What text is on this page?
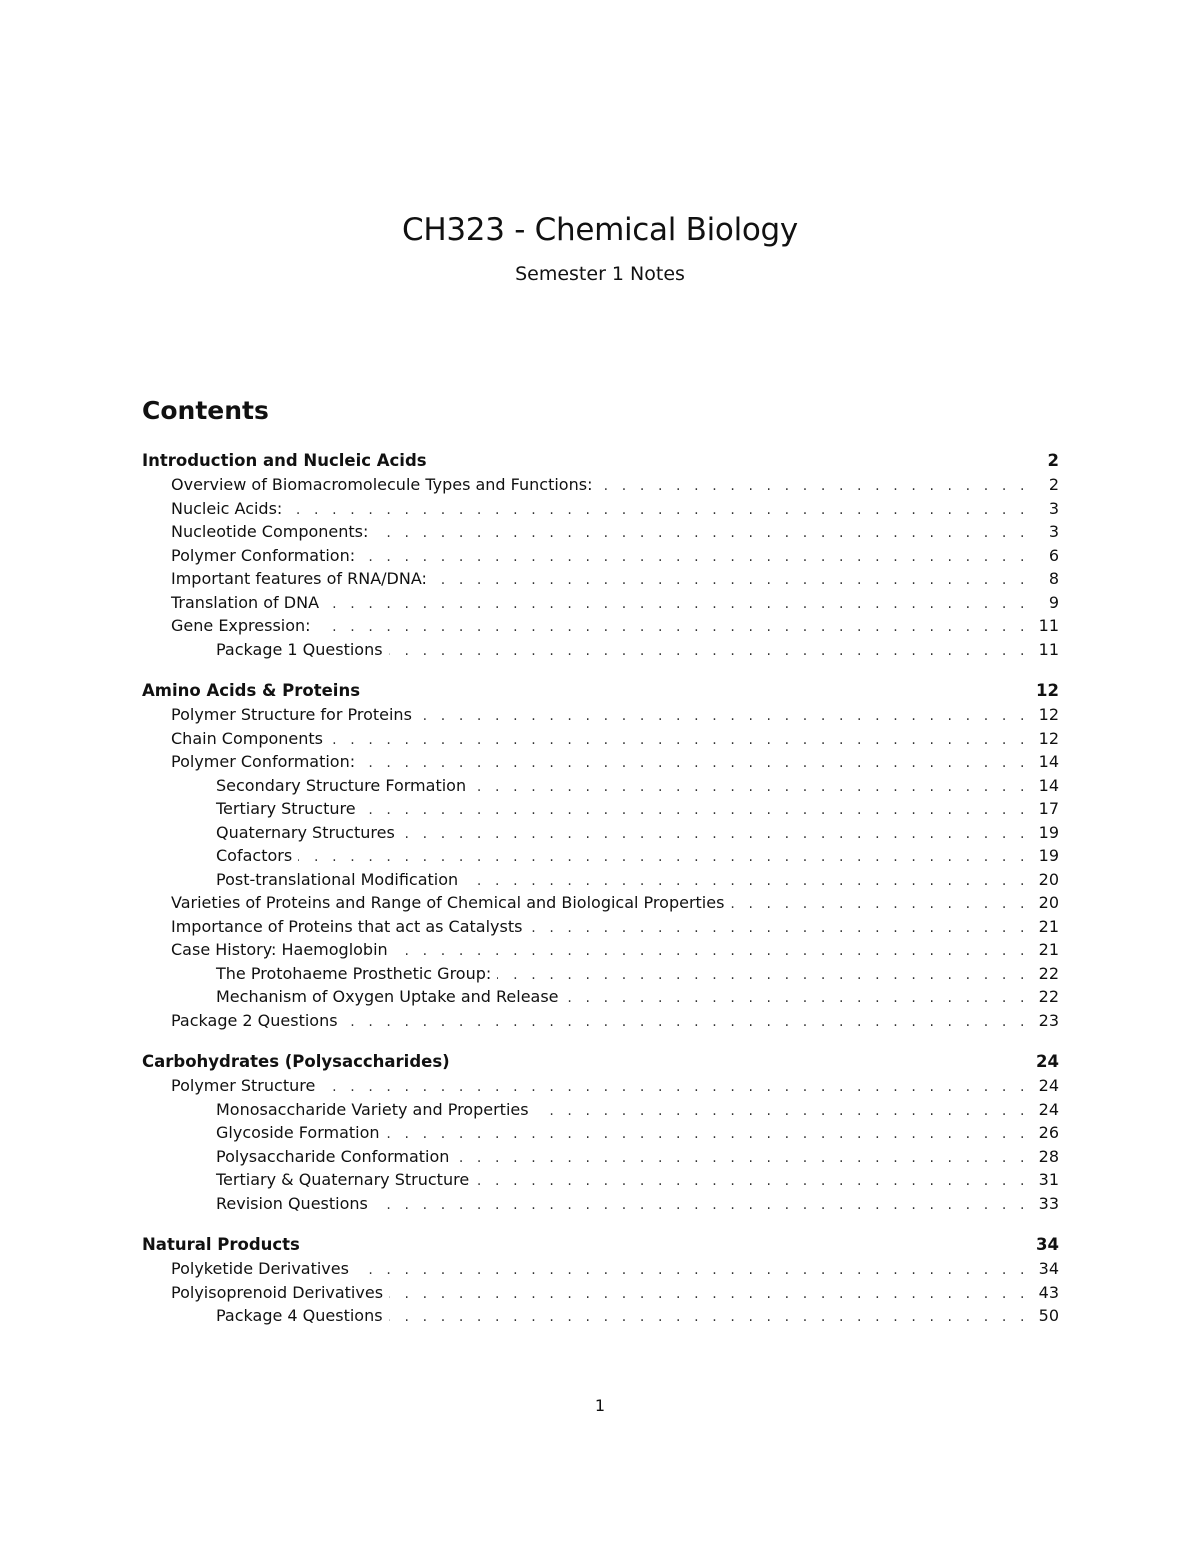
CH323 - Chemical Biology
Semester 1 Notes
Contents
Introduction and Nucleic Acids	2
Overview of Biomacromolecule Types and Functions: . . .	2
Nucleic Acids: . . .	3
Nucleotide Components: . . .	3
Polymer Conformation: . . .	6
Important features of RNA/DNA: . . .	8
Translation of DNA . . .	9
Gene Expression: . . .	11
Package 1 Questions . . .	11
Amino Acids & Proteins	12
Polymer Structure for Proteins . . .	12
Chain Components . . .	12
Polymer Conformation: . . .	14
Secondary Structure Formation . . .	14
Tertiary Structure . . .	17
Quaternary Structures . . .	19
Cofactors . . .	19
Post-translational Modification . . .	20
Varieties of Proteins and Range of Chemical and Biological Properties . . .	20
Importance of Proteins that act as Catalysts . . .	21
Case History: Haemoglobin . . .	21
The Protohaeme Prosthetic Group: . . .	22
Mechanism of Oxygen Uptake and Release . . .	22
Package 2 Questions . . .	23
Carbohydrates (Polysaccharides)	24
Polymer Structure . . .	24
Monosaccharide Variety and Properties . . .	24
Glycoside Formation . . .	26
Polysaccharide Conformation . . .	28
Tertiary & Quaternary Structure . . .	31
Revision Questions . . .	33
Natural Products	34
Polyketide Derivatives . . .	34
Polyisoprenoid Derivatives . . .	43
Package 4 Questions . . .	50
1
